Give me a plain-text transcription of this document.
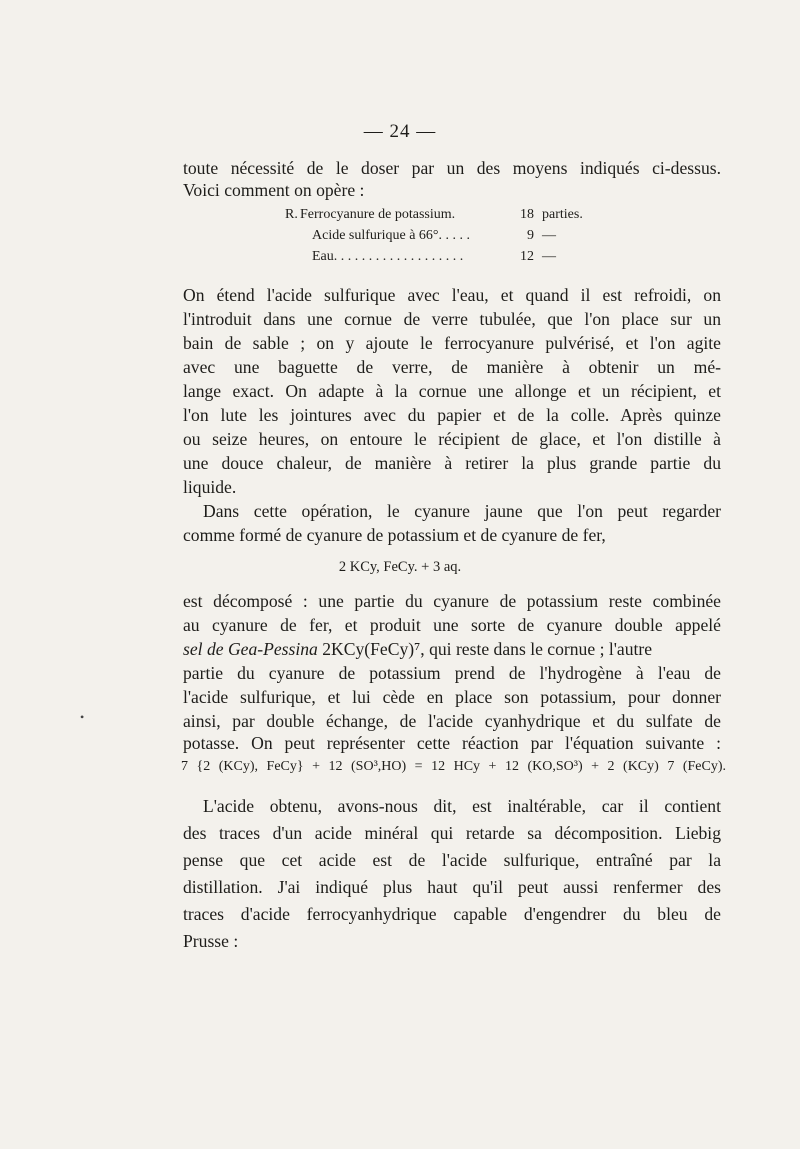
— 24 —
toute nécessité de le doser par un des moyens indiqués ci-dessus.
Voici comment on opère :
R. Ferrocyanure de potassium.	18 parties.
Acide sulfurique à 66°. . . . .	9 —
Eau. . . . . . . . . . . . . . . . . . .	12 —
On étend l'acide sulfurique avec l'eau, et quand il est refroidi, on
l'introduit dans une cornue de verre tubulée, que l'on place sur un
bain de sable ; on y ajoute le ferrocyanure pulvérisé, et l'on agite
avec une baguette de verre, de manière à obtenir un mé-
lange exact. On adapte à la cornue une allonge et un récipient, et
l'on lute les jointures avec du papier et de la colle. Après quinze
ou seize heures, on entoure le récipient de glace, et l'on distille à
une douce chaleur, de manière à retirer la plus grande partie du
liquide.
Dans cette opération, le cyanure jaune que l'on peut regarder
comme formé de cyanure de potassium et de cyanure de fer,
2 KCy, FeCy. + 3 aq.
est décomposé : une partie du cyanure de potassium reste combinée
au cyanure de fer, et produit une sorte de cyanure double appelé
sel de Gea-Pessina 2KCy(FeCy)⁷, qui reste dans le cornue ; l'autre
partie du cyanure de potassium prend de l'hydrogène à l'eau de
l'acide sulfurique, et lui cède en place son potassium, pour donner
ainsi, par double échange, de l'acide cyanhydrique et du sulfate de
potasse. On peut représenter cette réaction par l'équation suivante :
•
7 {2 (KCy), FeCy} + 12 (SO³,HO) = 12 HCy + 12 (KO,SO³) + 2 (KCy) 7 (FeCy).
L'acide obtenu, avons-nous dit, est inaltérable, car il contient
des traces d'un acide minéral qui retarde sa décomposition. Liebig
pense que cet acide est de l'acide sulfurique, entraîné par la
distillation. J'ai indiqué plus haut qu'il peut aussi renfermer des
traces d'acide ferrocyanhydrique capable d'engendrer du bleu de
Prusse :
